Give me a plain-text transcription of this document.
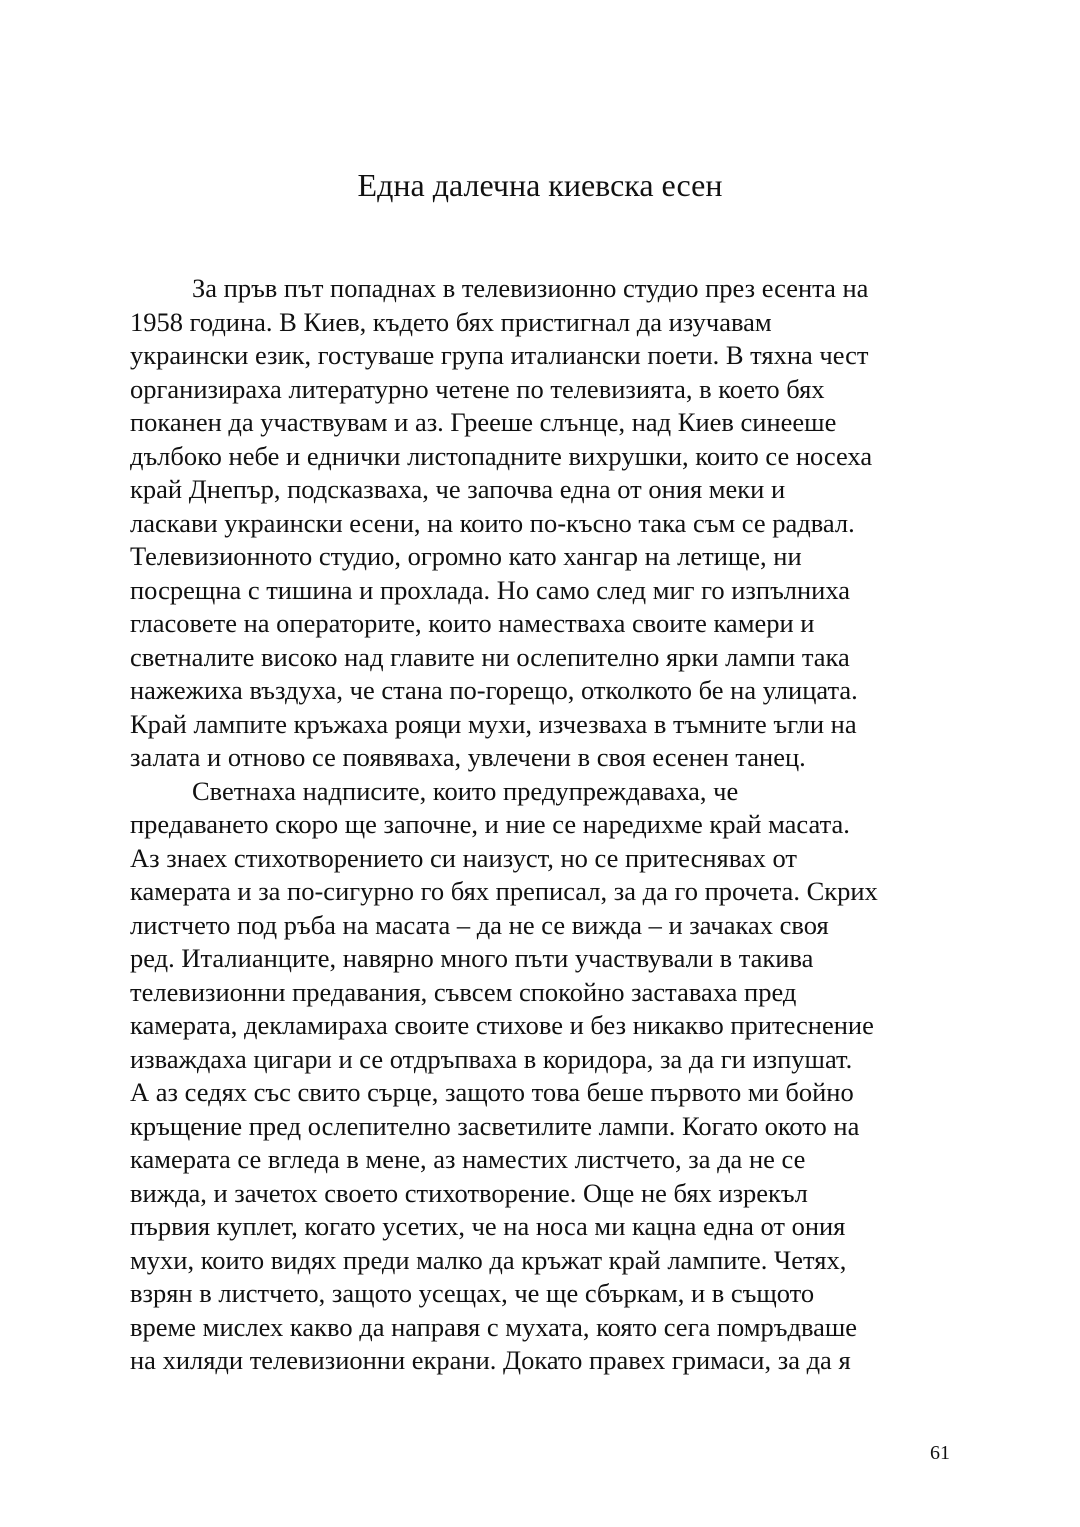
Една далечна киевска есен
За пръв път попаднах в телевизионно студио през есента на
1958 година. В Киев, където бях пристигнал да изучавам
украински език, гостуваше група италиански поети. В тяхна чест
организираха литературно четене по телевизията, в което бях
поканен да участвувам и аз. Грееше слънце, над Киев синееше
дълбоко небе и еднички листопадните вихрушки, които се носеха
край Днепър, подсказваха, че започва една от ония меки и
ласкави украински есени, на които по-късно така съм се радвал.
Телевизионното студио, огромно като хангар на летище, ни
посрещна с тишина и прохлада. Но само след миг го изпълниха
гласовете на операторите, които наместваха своите камери и
светналите високо над главите ни ослепително ярки лампи така
нажежиха въздуха, че стана по-горещо, отколкото бе на улицата.
Край лампите кръжаха рояци мухи, изчезваха в тъмните ъгли на
залата и отново се появяваха, увлечени в своя есенен танец.
Светнаха надписите, които предупреждаваха, че
предаването скоро ще започне, и ние се наредихме край масата.
Аз знаех стихотворението си наизуст, но се притеснявах от
камерата и за по-сигурно го бях преписал, за да го прочета. Скрих
листчето под ръба на масата – да не се вижда – и зачаках своя
ред. Италианците, навярно много пъти участвували в такива
телевизионни предавания, съвсем спокойно заставаха пред
камерата, декламираха своите стихове и без никакво притеснение
изваждаха цигари и се отдръпваха в коридора, за да ги изпушат.
А аз седях със свито сърце, защото това беше първото ми бойно
кръщение пред ослепително засветилите лампи. Когато окото на
камерата се вгледа в мене, аз наместих листчето, за да не се
вижда, и зачетох своето стихотворение. Още не бях изрекъл
първия куплет, когато усетих, че на носа ми кацна една от ония
мухи, които видях преди малко да кръжат край лампите. Четях,
взрян в листчето, защото усещах, че ще сбъркам, и в същото
време мислех какво да направя с мухата, която сега помръдваше
на хиляди телевизионни екрани. Докато правех гримаси, за да я
61
